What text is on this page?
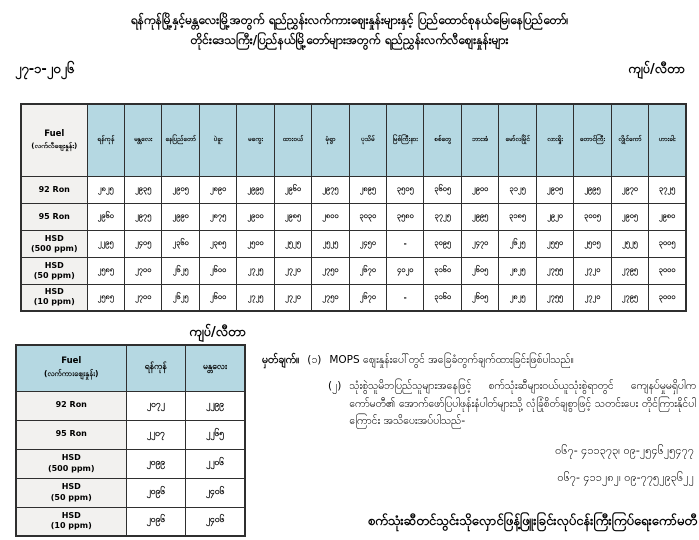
ရန်ကုန်မြို့နှင့်မန္တလေးမြို့အတွက် ရည်ညွှန်းလက်ကားဈေးနှုန်းများနှင့် ပြည်ထောင်စုနယ်မြေ၊နေပြည်တော်၊
တိုင်းဒေသကြီး/ပြည်နယ်မြို့တော်များအတွက် ရည်ညွှန်းလက်လီဈေးနှုန်းများ
၂၇-၁-၂၀၂၆	ကျပ်/လီတာ
Fuel
(လက်လီဈေးနှုန်း)	ရန်ကုန်	မန္တလေး	နေပြည်တော်	ပဲခူး	မကွေး	ထားဝယ်	မုံရွာ	ပုသိမ်	မြစ်ကြီးနား	စစ်တွေ	ဘားအံ	မော်လမြိုင်	လားရှိုး	တောင်ကြီး	လွိုင်ကော်	ဟားခါး

92 Ron	၂၈၂၅	၂၉၃၅	၂၉၀၅	၂၈၉၀	၂၉၉၅	၂၉၆၀	၂၉၇၅	၂၈၉၅	၃၅၀၅	၃၆၀၅	၂၉၀၀	၃၁၂၅	၂၉၀၅	၂၉၉၅	၂၉၇၀	၃၇၂၅

95 Ron	၂၉၆၀	၂၉၇၅	၂၉၉၀	၂၈၇၅	၂၉၀၀	၂၉၈၅	၂၈၀၀	၃၀၃၀	၃၅၈၀	၃၇၂၅	၂၉၉၅	၃၁၈၅	၂၉၂၀	၃၀၀၅	၂၉၀၅	၂၉၈၀

HSD
(500 ppm)	၂၂၉၅	၂၄၀၅	၂၃၆၀	၂၃၈၅	၂၅၀၀	၂၅၂၅	၂၅၂၅	၂၄၅၀	-	၃၀၉၅	၂၄၇၀	၂၆၂၅	၂၅၅၀	၂၅၀၅	၂၅၂၅	၃၀၀၅

HSD
(50 ppm)	၂၅၈၅	၂၇၀၀	၂၆၂၅	၂၆၀၀	၂၇၂၅	၂၇၂၀	၂၇၅၀	၂၆၇၀	၄၀၂၀	၃၁၆၀	၂၆၀၅	၂၈၂၅	၂၇၅၅	၂၇၂၀	၂၇၉၅	၃၀၀၀

HSD
(10 ppm)	၂၅၈၅	၂၇၀၀	၂၆၂၅	၂၆၀၀	၂၇၂၅	၂၇၂၀	၂၇၅၀	၂၆၇၀	-	၃၁၆၀	၂၆၀၅	၂၈၂၅	၂၇၅၅	၂၇၂၀	၂၇၉၅	၃၀၀၀
ကျပ်/လီတာ
Fuel
(လက်ကားဈေးနှုန်း)	ရန်ကုန်	မန္တလေး

92 Ron	၂၀၇၂	၂၂၉၉

95 Ron	၂၂၀၇	၂၂၆၅

HSD
(500 ppm)	၂၀၉၉	၂၂၀၆

HSD
(50 ppm)	၂၀၉၆	၂၄၀၆

HSD
(10 ppm)	၂၀၉၆	၂၄၀၆
မှတ်ချက်။ (၁) MOPS ဈေးနှုန်းပေါ်တွင် အခြေခံတွက်ချက်ထားခြင်းဖြစ်ပါသည်။
(၂) သုံးစွဲသူမိဘပြည်သူများအနေဖြင့် စက်သုံးဆီများဝယ်ယူသုံးစွဲရာတွင် ကျေနပ်မှုမရှိပါက ကော်မတီ၏ အောက်ဖော်ပြပါဖုန်းနံပါတ်များသို့ လုံခြုံစိတ်ချစွာဖြင့် သတင်းပေး တိုင်ကြားနိုင်ပါကြောင်း အသိပေးအပ်ပါသည်-
၀၆၇- ၄၁၁၃၇၃၊ ၀၉-၂၅၄၆၂၅၄၇၇
၀၆၇- ၄၁၁၂၈၂၊ ၀၉-၇၇၅၂၉၃၆၂၂
စက်သုံးဆီတင်သွင်းသိုလှောင်ဖြန့်ဖြူးခြင်းလုပ်ငန်းကြီးကြပ်ရေးကော်မတီ
